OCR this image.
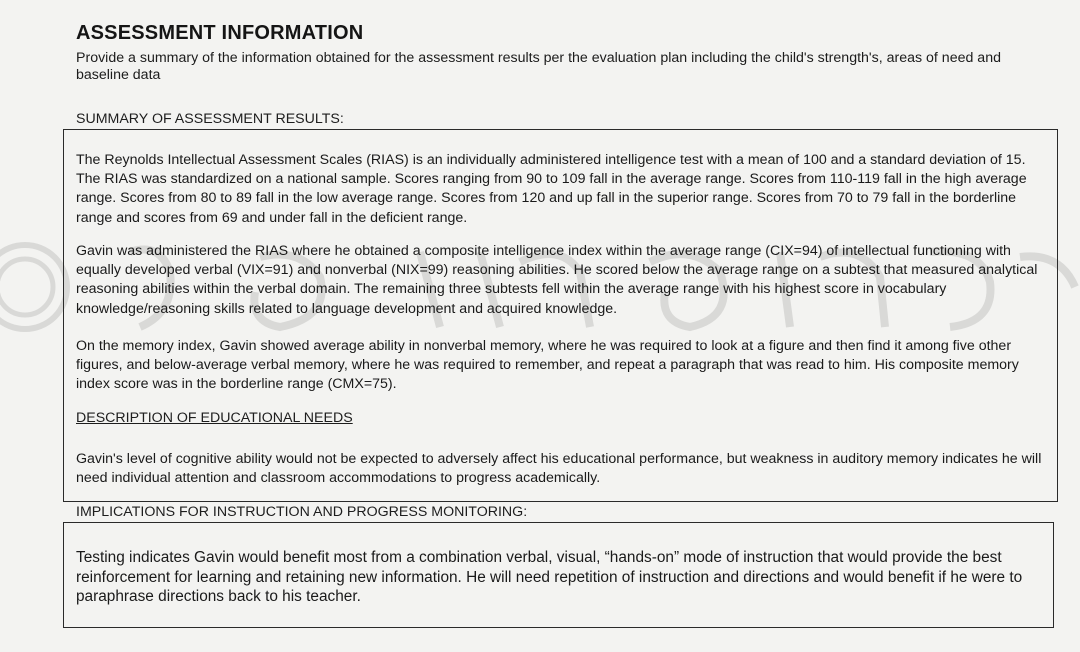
ASSESSMENT INFORMATION
Provide a summary of the information obtained for the assessment results per the evaluation plan including the child's strength's, areas of need and baseline data
SUMMARY OF ASSESSMENT RESULTS:
The Reynolds Intellectual Assessment Scales (RIAS) is an individually administered intelligence test with a mean of 100 and a standard deviation of 15. The RIAS was standardized on a national sample. Scores ranging from 90 to 109 fall in the average range. Scores from 110-119 fall in the high average range. Scores from 80 to 89 fall in the low average range. Scores from 120 and up fall in the superior range. Scores from 70 to 79 fall in the borderline range and scores from 69 and under fall in the deficient range.
Gavin was administered the RIAS where he obtained a composite intelligence index within the average range (CIX=94) of intellectual functioning with equally developed verbal (VIX=91) and nonverbal (NIX=99) reasoning abilities. He scored below the average range on a subtest that measured analytical reasoning abilities within the verbal domain. The remaining three subtests fell within the average range with his highest score in vocabulary knowledge/reasoning skills related to language development and acquired knowledge.
On the memory index, Gavin showed average ability in nonverbal memory, where he was required to look at a figure and then find it among five other figures, and below-average verbal memory, where he was required to remember, and repeat a paragraph that was read to him. His composite memory index score was in the borderline range (CMX=75).
DESCRIPTION OF EDUCATIONAL NEEDS
Gavin's level of cognitive ability would not be expected to adversely affect his educational performance, but weakness in auditory memory indicates he will need individual attention and classroom accommodations to progress academically.
IMPLICATIONS FOR INSTRUCTION AND PROGRESS MONITORING:
Testing indicates Gavin would benefit most from a combination verbal, visual, “hands-on” mode of instruction that would provide the best reinforcement for learning and retaining new information. He will need repetition of instruction and directions and would benefit if he were to paraphrase directions back to his teacher.
